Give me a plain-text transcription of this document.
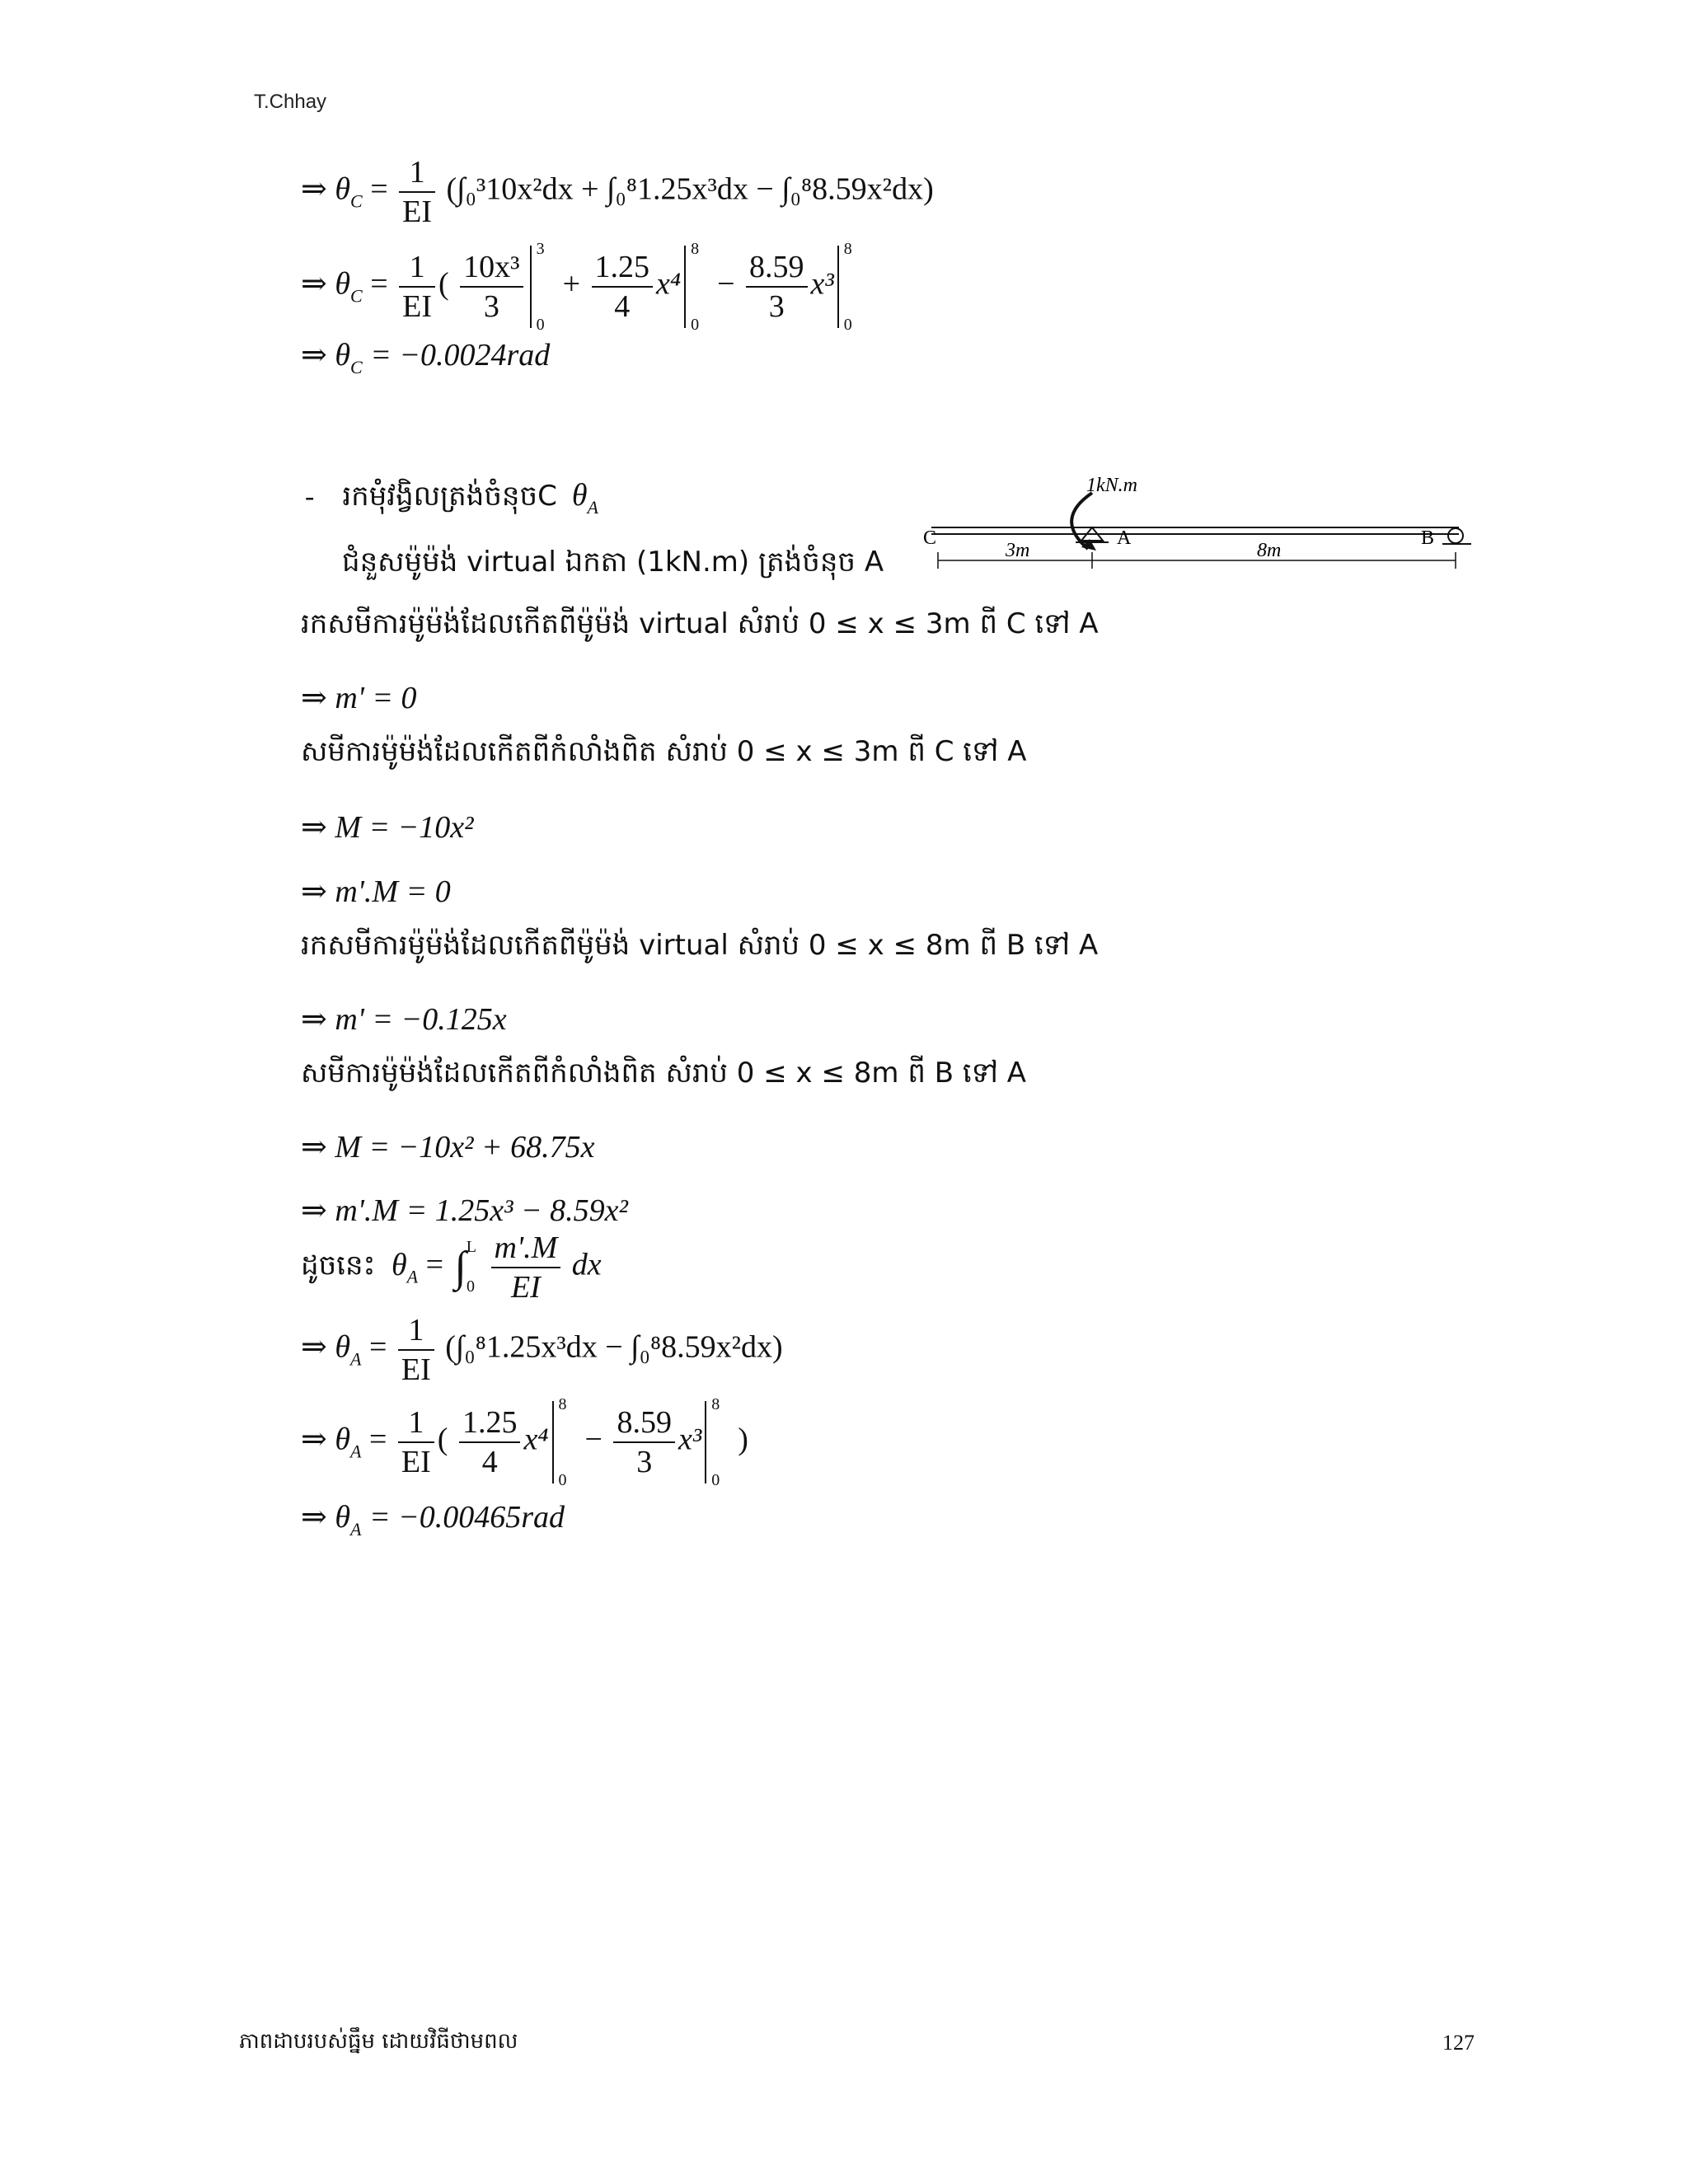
T.Chhay
⇒ $\theta_C = \frac{1}{EI} (\int_0^310x^2dx + \int_0^81.25x^3dx - \int_0^88.59x^2dx)$
⇒ $\theta_C = \frac{1}{EI}$ ( $\frac{\text{10x³}}{3}$
3
0
+ $\frac{1.25}{4} x^4$
8
0
− $\frac{8.59}{3} x^3$
8
0
⇒ $\theta_C = -0.0024rad$
- រកមុំវង្វិលត្រង់ចំនុចC θA
ជំនួសម៉ូម៉ង់ virtual ឯកតា (1kN.m) ត្រង់ចំនុច A
1kN.m
C	A	B
3m	8m
រកសមីការម៉ូម៉ង់ដែលកើតពីម៉ូម៉ង់ virtual សំរាប់ 0 ≤ x ≤ 3m ពី C ទៅ A
⇒ m' = 0
សមីការម៉ូម៉ង់ដែលកើតពីកំលាំងពិត សំរាប់ 0 ≤ x ≤ 3m ពី C ទៅ A
⇒ M = −10x²
⇒ m'.M = 0
រកសមីការម៉ូម៉ង់ដែលកើតពីម៉ូម៉ង់ virtual សំរាប់ 0 ≤ x ≤ 8m ពី B ទៅ A
⇒ m' = −0.125x
សមីការម៉ូម៉ង់ដែលកើតពីកំលាំងពិត សំរាប់ 0 ≤ x ≤ 8m ពី B ទៅ A
⇒ M = −10x² + 68.75x
⇒ m'.M = 1.25x³ − 8.59x²
ដូចនេះ $\theta_A = \int^L_0 \frac{m'.M}{EI}$ dx
⇒ $\theta_A = \frac{1}{EI} (\int_0^81.25x^3dx - \int_0^88.59x^2dx)$
⇒ $\theta_A = \frac{1}{EI}$ ( $\frac{1.25}{4} x^4$
8
0
− $\frac{8.59}{3} x^3$
8
0
)
⇒ $\theta_A = -0.00465rad$
ភាពដាបរបស់ធ្នឹម ដោយវិធីថាមពល	127
